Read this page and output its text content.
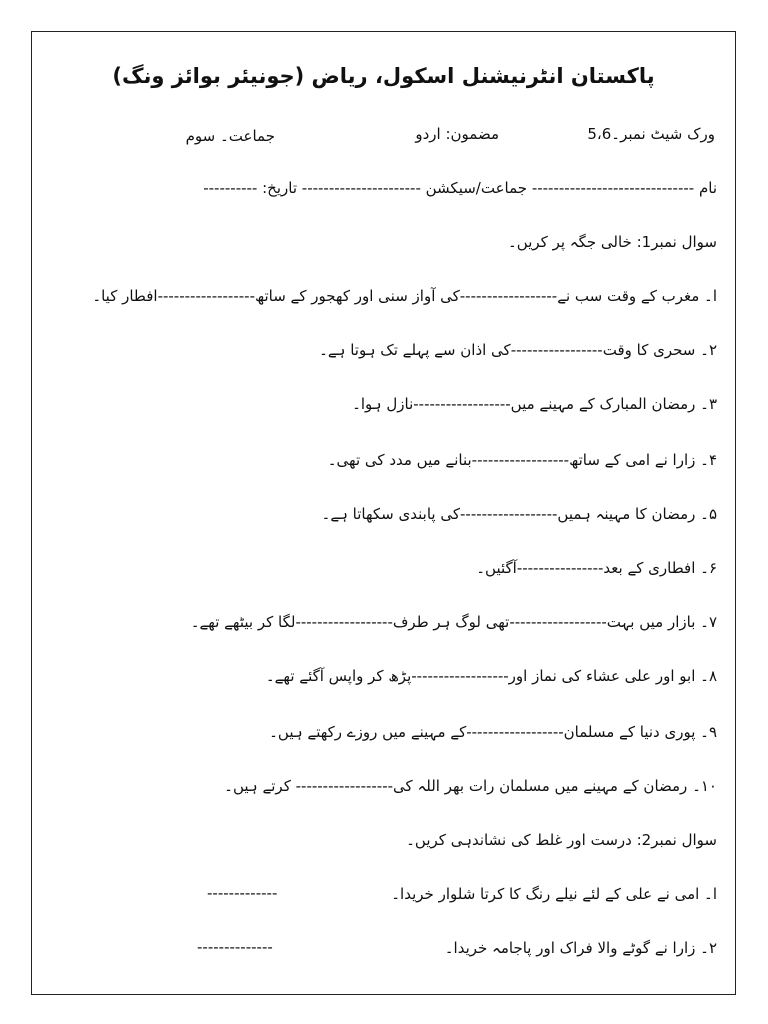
پاکستان انٹرنیشنل اسکول، ریاض (جونیئر بوائز ونگ)
ورک شیٹ نمبر۔5،6
مضمون: اردو
جماعت۔ سوم
نام ------------------------------ جماعت/سیکشن ---------------------- تاریخ: ----------
سوال نمبر1: خالی جگہ پر کریں۔
ا۔ مغرب کے وقت سب نے------------------کی آواز سنی اور کھجور کے ساتھ------------------افطار کیا۔
۲۔ سحری کا وقت-----------------کی اذان سے پہلے تک ہوتا ہے۔
۳۔ رمضان المبارک کے مہینے میں------------------نازل ہوا۔
۴۔ زارا نے امی کے ساتھ------------------بنانے میں مدد کی تھی۔
۵۔ رمضان کا مہینہ ہمیں------------------کی پابندی سکھاتا ہے۔
۶۔ افطاری کے بعد----------------آگئیں۔
۷۔ بازار میں بہت------------------تھی لوگ ہر طرف------------------لگا کر بیٹھے تھے۔
۸۔ ابو اور علی عشاء کی نماز اور------------------پڑھ کر واپس آگئے تھے۔
۹۔ پوری دنیا کے مسلمان------------------کے مہینے میں روزے رکھتے ہیں۔
۱۰۔ رمضان کے مہینے میں مسلمان رات بھر اللہ کی------------------ کرتے ہیں۔
سوال نمبر2: درست اور غلط کی نشاندہی کریں۔
ا۔ امی نے علی کے لئے نیلے رنگ کا کرتا شلوار خریدا۔
-------------
۲۔ زارا نے گوٹے والا فراک اور پاجامہ خریدا۔
--------------
